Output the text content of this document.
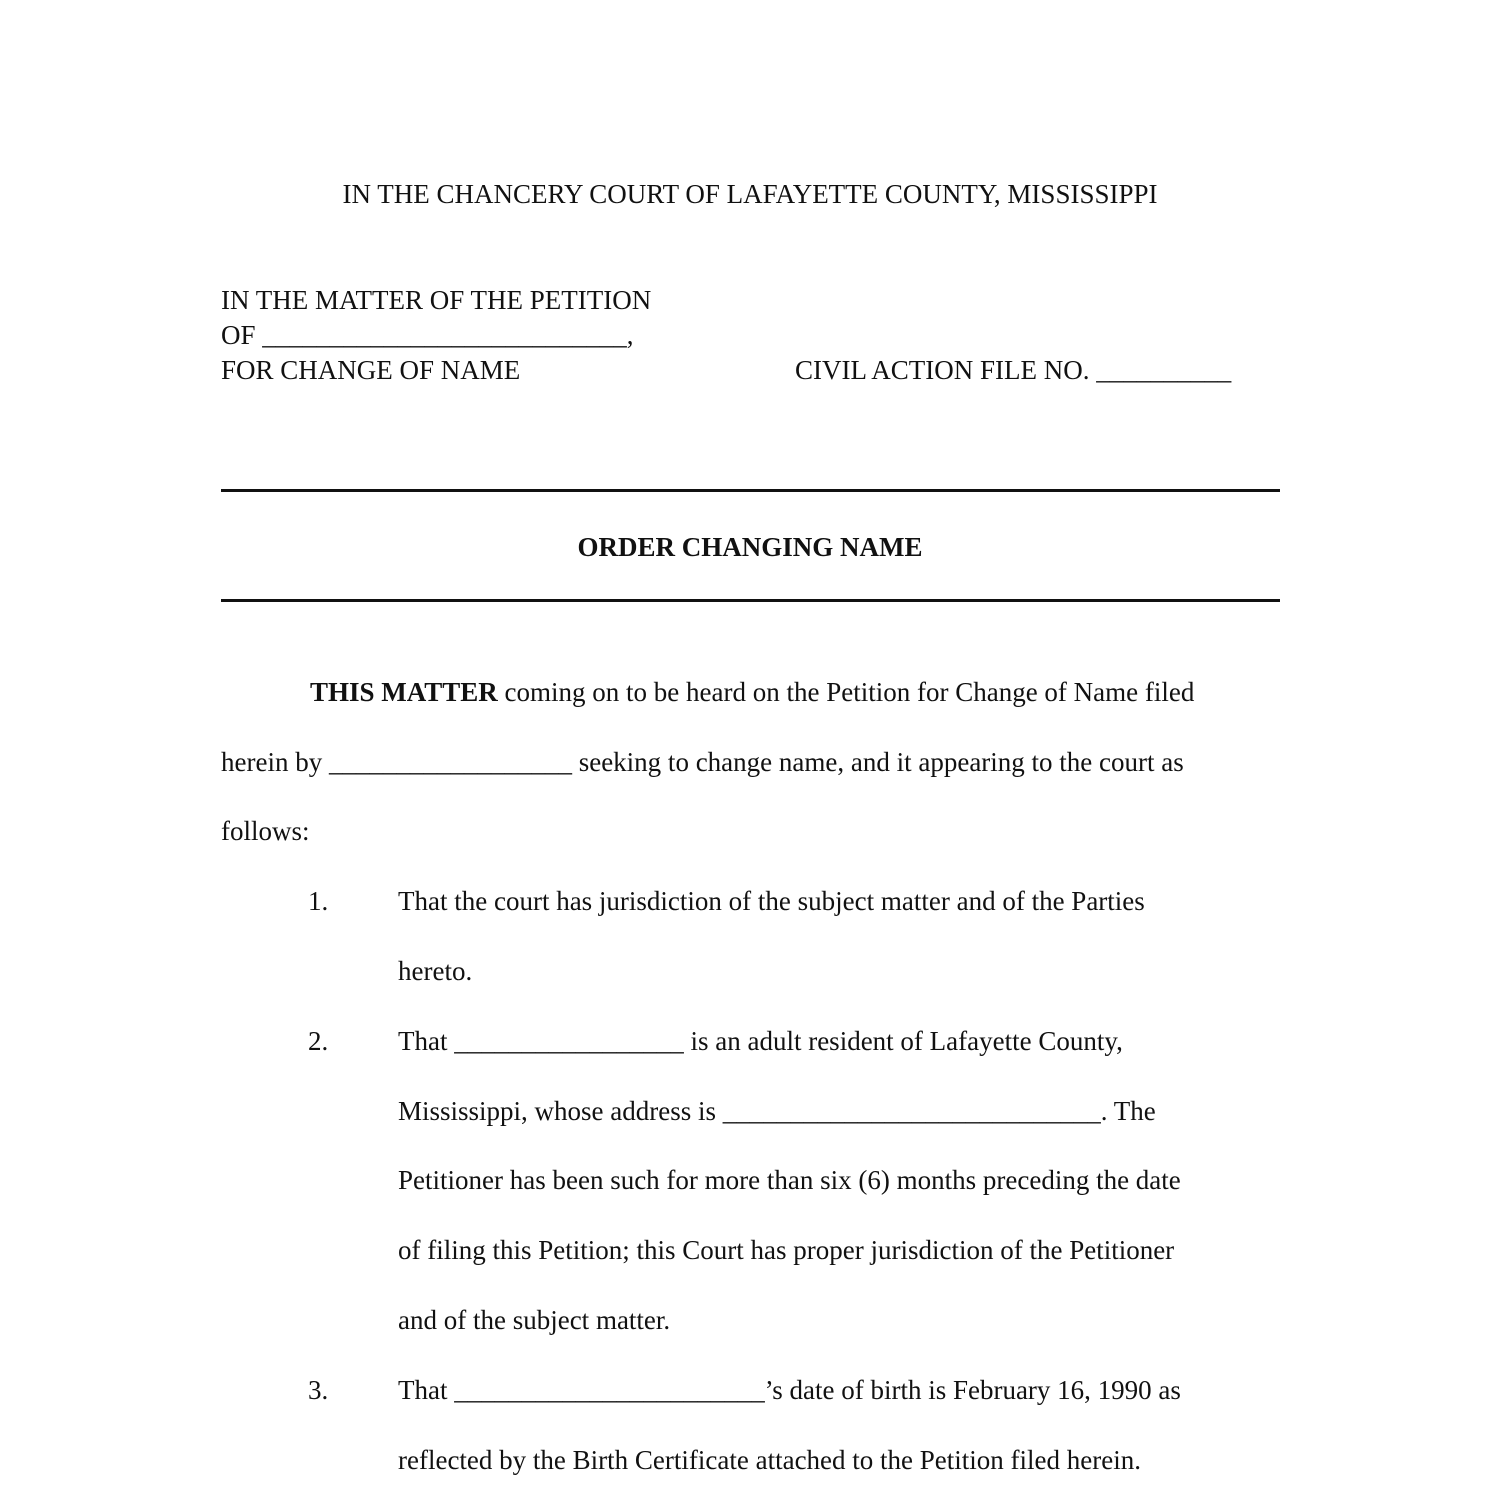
IN THE CHANCERY COURT OF LAFAYETTE COUNTY, MISSISSIPPI
IN THE MATTER OF THE PETITION
OF ___________________________,
FOR CHANGE OF NAME	CIVIL ACTION FILE NO. __________
ORDER CHANGING NAME
THIS MATTER coming on to be heard on the Petition for Change of Name filed
herein by __________________ seeking to change name, and it appearing to the court as
follows:
1.	That the court has jurisdiction of the subject matter and of the Parties
hereto.
2.	That _________________ is an adult resident of Lafayette County,
Mississippi, whose address is ____________________________. The
Petitioner has been such for more than six (6) months preceding the date
of filing this Petition; this Court has proper jurisdiction of the Petitioner
and of the subject matter.
3.	That _______________________’s date of birth is February 16, 1990 as
reflected by the Birth Certificate attached to the Petition filed herein.
